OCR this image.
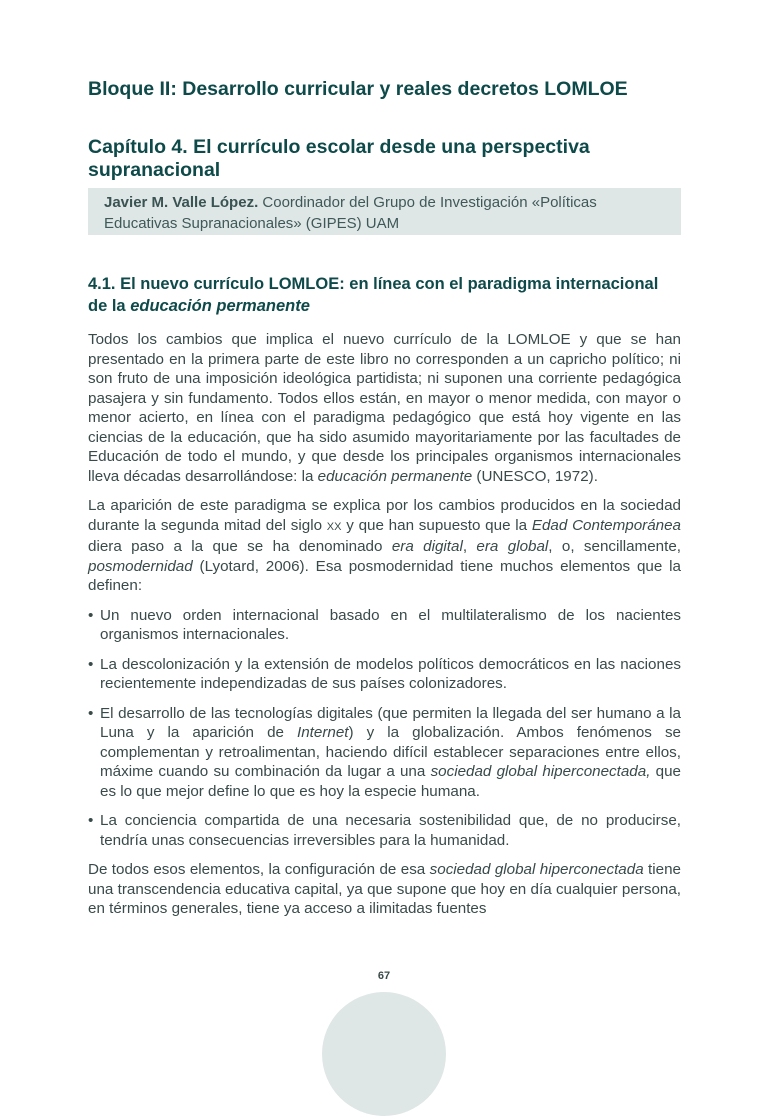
Bloque II: Desarrollo curricular y reales decretos LOMLOE
Capítulo 4. El currículo escolar desde una perspectiva supranacional
Javier M. Valle López. Coordinador del Grupo de Investigación «Políticas Educativas Supranacionales» (GIPES) UAM
4.1. El nuevo currículo LOMLOE: en línea con el paradigma internacional de la educación permanente

Todos los cambios que implica el nuevo currículo de la LOMLOE y que se han presentado en la primera parte de este libro no corresponden a un capricho político; ni son fruto de una imposición ideológica partidista; ni suponen una corriente pedagógica pasajera y sin fundamento. Todos ellos están, en mayor o menor medida, con mayor o menor acierto, en línea con el paradigma pedagógico que está hoy vigente en las ciencias de la educación, que ha sido asumido mayoritariamente por las facultades de Educación de todo el mundo, y que desde los principales organismos internacionales lleva décadas desarrollándose: la educación permanente (UNESCO, 1972).

La aparición de este paradigma se explica por los cambios producidos en la sociedad durante la segunda mitad del siglo XX y que han supuesto que la Edad Contemporánea diera paso a la que se ha denominado era digital, era global, o, sencillamente, posmodernidad (Lyotard, 2006). Esa posmodernidad tiene muchos elementos que la definen:

• Un nuevo orden internacional basado en el multilateralismo de los nacientes organismos internacionales.
• La descolonización y la extensión de modelos políticos democráticos en las naciones recientemente independizadas de sus países colonizadores.
• El desarrollo de las tecnologías digitales (que permiten la llegada del ser humano a la Luna y la aparición de Internet) y la globalización. Ambos fenómenos se complementan y retroalimentan, haciendo difícil establecer separaciones entre ellos, máxime cuando su combinación da lugar a una sociedad global hiperconectada, que es lo que mejor define lo que es hoy la especie humana.
• La conciencia compartida de una necesaria sostenibilidad que, de no producirse, tendría unas consecuencias irreversibles para la humanidad.

De todos esos elementos, la configuración de esa sociedad global hiperconectada tiene una transcendencia educativa capital, ya que supone que hoy en día cualquier persona, en términos generales, tiene ya acceso a ilimitadas fuentes

67
